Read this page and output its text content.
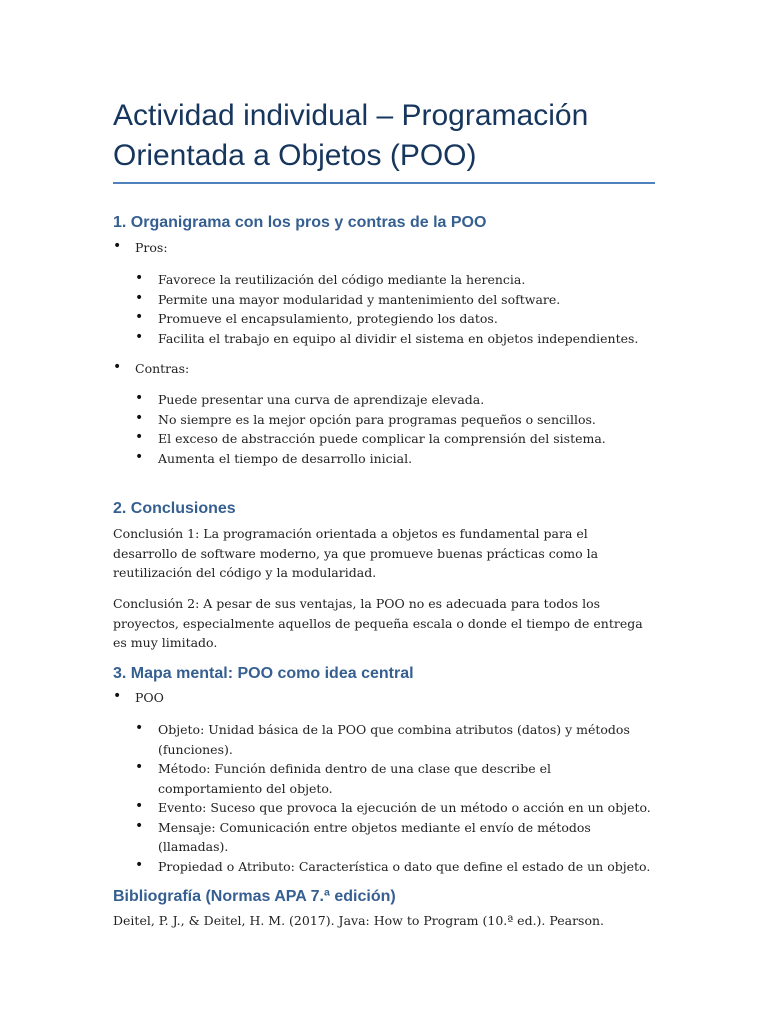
Actividad individual – Programación Orientada a Objetos (POO)
1. Organigrama con los pros y contras de la POO
• Pros:
• Favorece la reutilización del código mediante la herencia.
• Permite una mayor modularidad y mantenimiento del software.
• Promueve el encapsulamiento, protegiendo los datos.
• Facilita el trabajo en equipo al dividir el sistema en objetos independientes.
• Contras:
• Puede presentar una curva de aprendizaje elevada.
• No siempre es la mejor opción para programas pequeños o sencillos.
• El exceso de abstracción puede complicar la comprensión del sistema.
• Aumenta el tiempo de desarrollo inicial.
2. Conclusiones

Conclusión 1: La programación orientada a objetos es fundamental para el desarrollo de software moderno, ya que promueve buenas prácticas como la reutilización del código y la modularidad.

Conclusión 2: A pesar de sus ventajas, la POO no es adecuada para todos los proyectos, especialmente aquellos de pequeña escala o donde el tiempo de entrega es muy limitado.

3. Mapa mental: POO como idea central
• POO
• Objeto: Unidad básica de la POO que combina atributos (datos) y métodos (funciones).
• Método: Función definida dentro de una clase que describe el comportamiento del objeto.
• Evento: Suceso que provoca la ejecución de un método o acción en un objeto.
• Mensaje: Comunicación entre objetos mediante el envío de métodos (llamadas).
• Propiedad o Atributo: Característica o dato que define el estado de un objeto.
Bibliografía (Normas APA 7.ª edición)

Deitel, P. J., & Deitel, H. M. (2017). Java: How to Program (10.ª ed.). Pearson.
